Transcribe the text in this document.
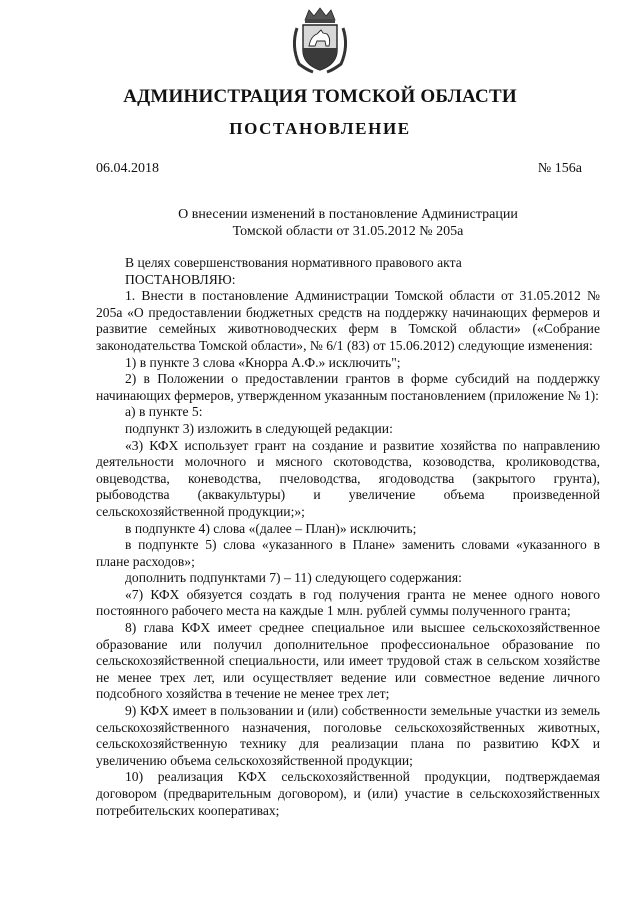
АДМИНИСТРАЦИЯ ТОМСКОЙ ОБЛАСТИ
ПОСТАНОВЛЕНИЕ
06.04.2018	№ 156а
О внесении изменений в постановление Администрации
Томской области от 31.05.2012 № 205а

В целях совершенствования нормативного правового акта

ПОСТАНОВЛЯЮ:

1. Внести в постановление Администрации Томской области от 31.05.2012 № 205а «О предоставлении бюджетных средств на поддержку начинающих фермеров и развитие семейных животноводческих ферм в Томской области» («Собрание законодательства Томской области», № 6/1 (83) от 15.06.2012) следующие изменения:

1) в пункте 3 слова «Кнорра А.Ф.» исключить";

2) в Положении о предоставлении грантов в форме субсидий на поддержку начинающих фермеров, утвержденном указанным постановлением (приложение № 1):

а) в пункте 5:

подпункт 3) изложить в следующей редакции:

«3) КФХ использует грант на создание и развитие хозяйства по направлению деятельности молочного и мясного скотоводства, козоводства, кролиководства, овцеводства, коневодства, пчеловодства, ягодоводства (закрытого грунта), рыбоводства (аквакультуры) и увеличение объема произведенной сельскохозяйственной продукции;»;

в подпункте 4) слова «(далее – План)» исключить;

в подпункте 5) слова «указанного в Плане» заменить словами «указанного в плане расходов»;

дополнить подпунктами 7) – 11) следующего содержания:

«7) КФХ обязуется создать в год получения гранта не менее одного нового постоянного рабочего места на каждые 1 млн. рублей суммы полученного гранта;

8) глава КФХ имеет среднее специальное или высшее сельскохозяйственное образование или получил дополнительное профессиональное образование по сельскохозяйственной специальности, или имеет трудовой стаж в сельском хозяйстве не менее трех лет, или осуществляет ведение или совместное ведение личного подсобного хозяйства в течение не менее трех лет;

9) КФХ имеет в пользовании и (или) собственности земельные участки из земель сельскохозяйственного назначения, поголовье сельскохозяйственных животных, сельскохозяйственную технику для реализации плана по развитию КФХ и увеличению объема сельскохозяйственной продукции;

10) реализация КФХ сельскохозяйственной продукции, подтверждаемая договором (предварительным договором), и (или) участие в сельскохозяйственных потребительских кооперативах;
